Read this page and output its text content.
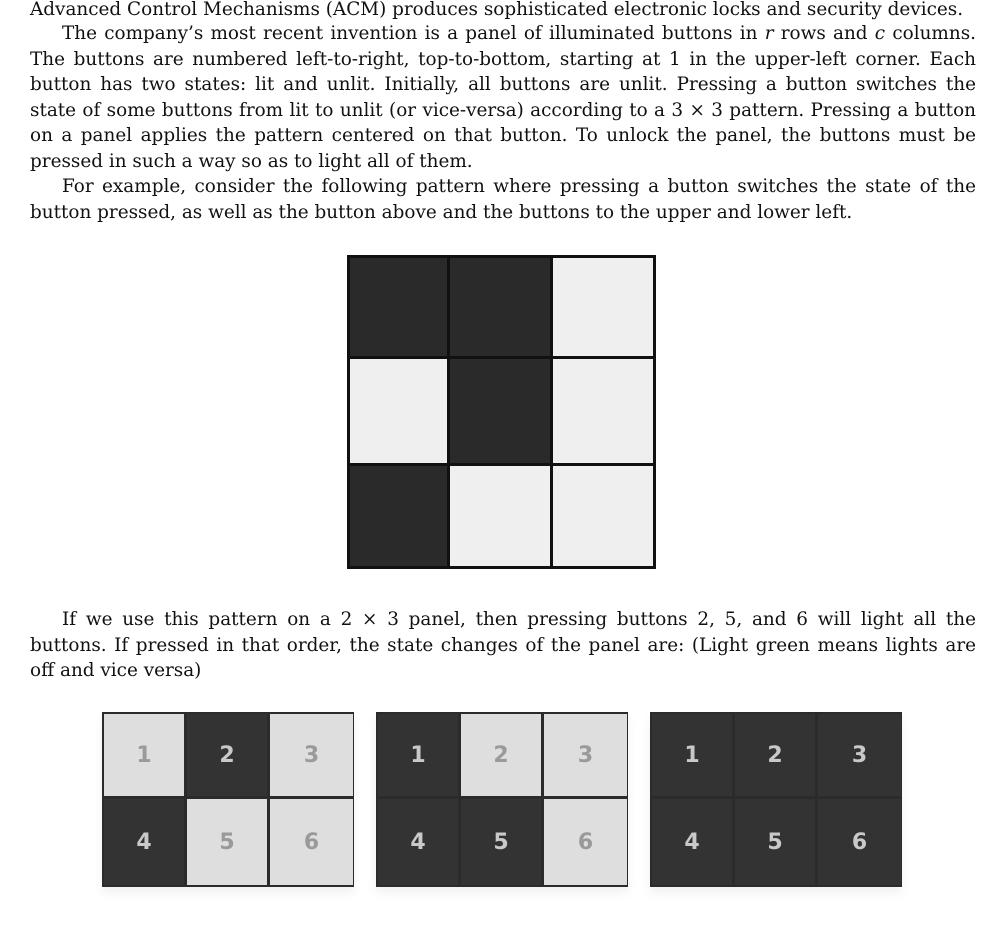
Advanced Control Mechanisms (ACM) produces sophisticated electronic locks and security devices.

The company’s most recent invention is a panel of illuminated buttons in r rows and c columns. The buttons are numbered left-to-right, top-to-bottom, starting at 1 in the upper-left corner. Each button has two states: lit and unlit. Initially, all buttons are unlit. Pressing a button switches the state of some buttons from lit to unlit (or vice-versa) according to a 3 × 3 pattern. Pressing a button on a panel applies the pattern centered on that button. To unlock the panel, the buttons must be pressed in such a way so as to light all of them.

For example, consider the following pattern where pressing a button switches the state of the button pressed, as well as the button above and the buttons to the upper and lower left.

If we use this pattern on a 2 × 3 panel, then pressing buttons 2, 5, and 6 will light all the buttons. If pressed in that order, the state changes of the panel are: (Light green means lights are off and vice versa)

1	2	3
4	5	6
1	2	3
4	5	6
1	2	3
4	5	6
